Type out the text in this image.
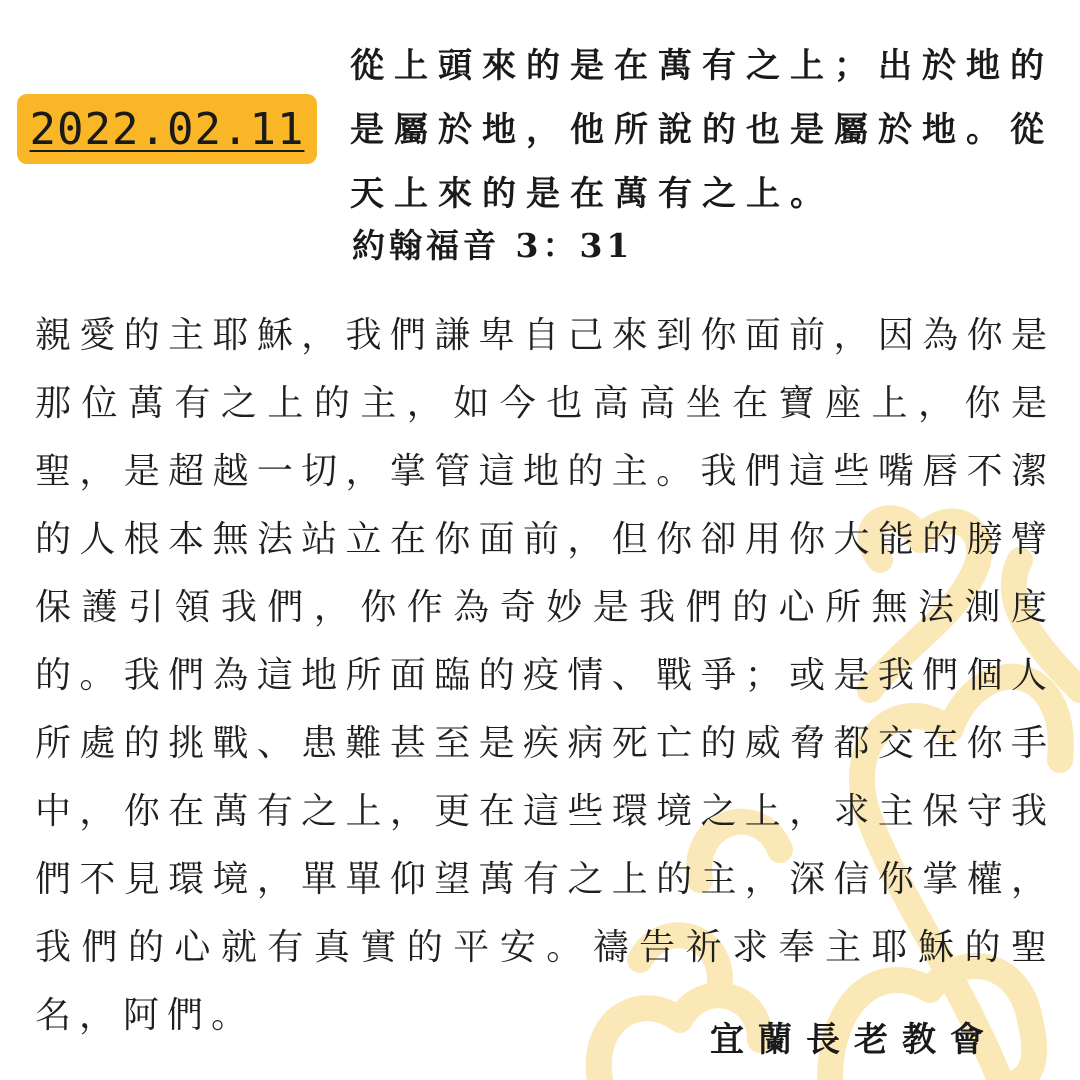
2022.02.11
從上頭來的是在萬有之上；出於地的是屬於地，他所說的也是屬於地。從天上來的是在萬有之上。
約翰福音 3：31
親愛的主耶穌，我們謙卑自己來到你面前，因為你是那位萬有之上的主，如今也高高坐在寶座上，你是聖，是超越一切，掌管這地的主。我們這些嘴唇不潔的人根本無法站立在你面前，但你卻用你大能的膀臂保護引領我們，你作為奇妙是我們的心所無法測度的。我們為這地所面臨的疫情、戰爭；或是我們個人所處的挑戰、患難甚至是疾病死亡的威脅都交在你手中，你在萬有之上，更在這些環境之上，求主保守我們不見環境，單單仰望萬有之上的主，深信你掌權，我們的心就有真實的平安。禱告祈求奉主耶穌的聖名，阿們。
宜蘭長老教會
